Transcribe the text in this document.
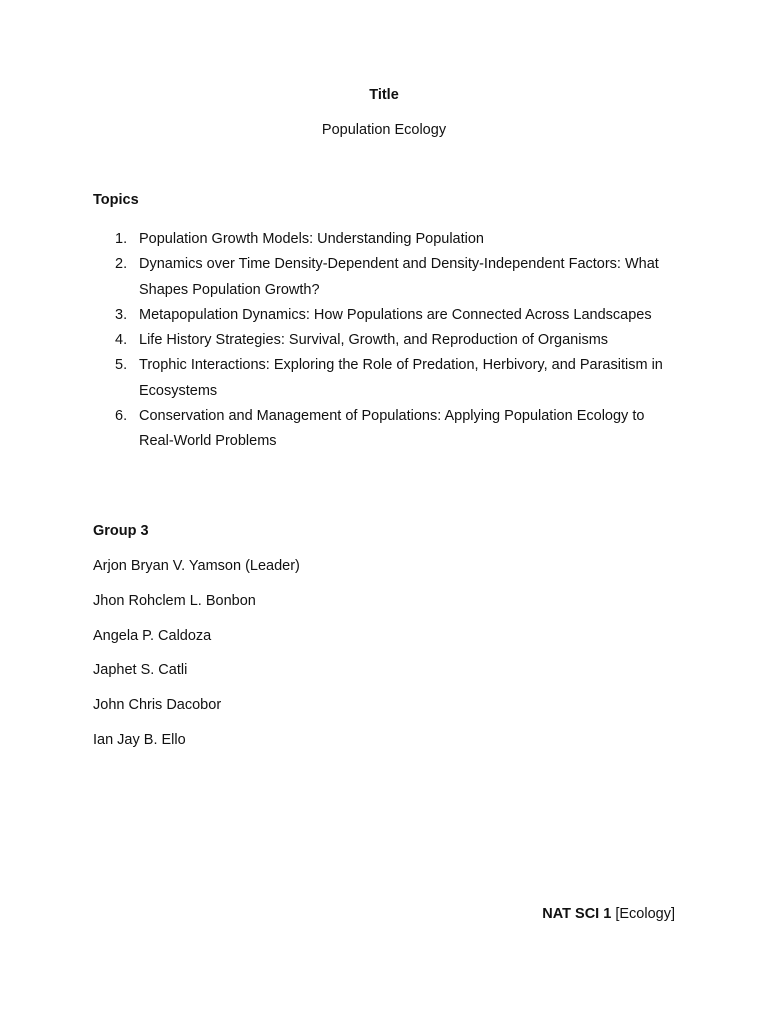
Title
Population Ecology
Topics
1. Population Growth Models: Understanding Population
2. Dynamics over Time Density-Dependent and Density-Independent Factors: What Shapes Population Growth?
3. Metapopulation Dynamics: How Populations are Connected Across Landscapes
4. Life History Strategies: Survival, Growth, and Reproduction of Organisms
5. Trophic Interactions: Exploring the Role of Predation, Herbivory, and Parasitism in Ecosystems
6. Conservation and Management of Populations: Applying Population Ecology to Real-World Problems
Group 3
Arjon Bryan V. Yamson (Leader)
Jhon Rohclem L. Bonbon
Angela P. Caldoza
Japhet S. Catli
John Chris Dacobor
Ian Jay B. Ello
NAT SCI 1 [Ecology]
